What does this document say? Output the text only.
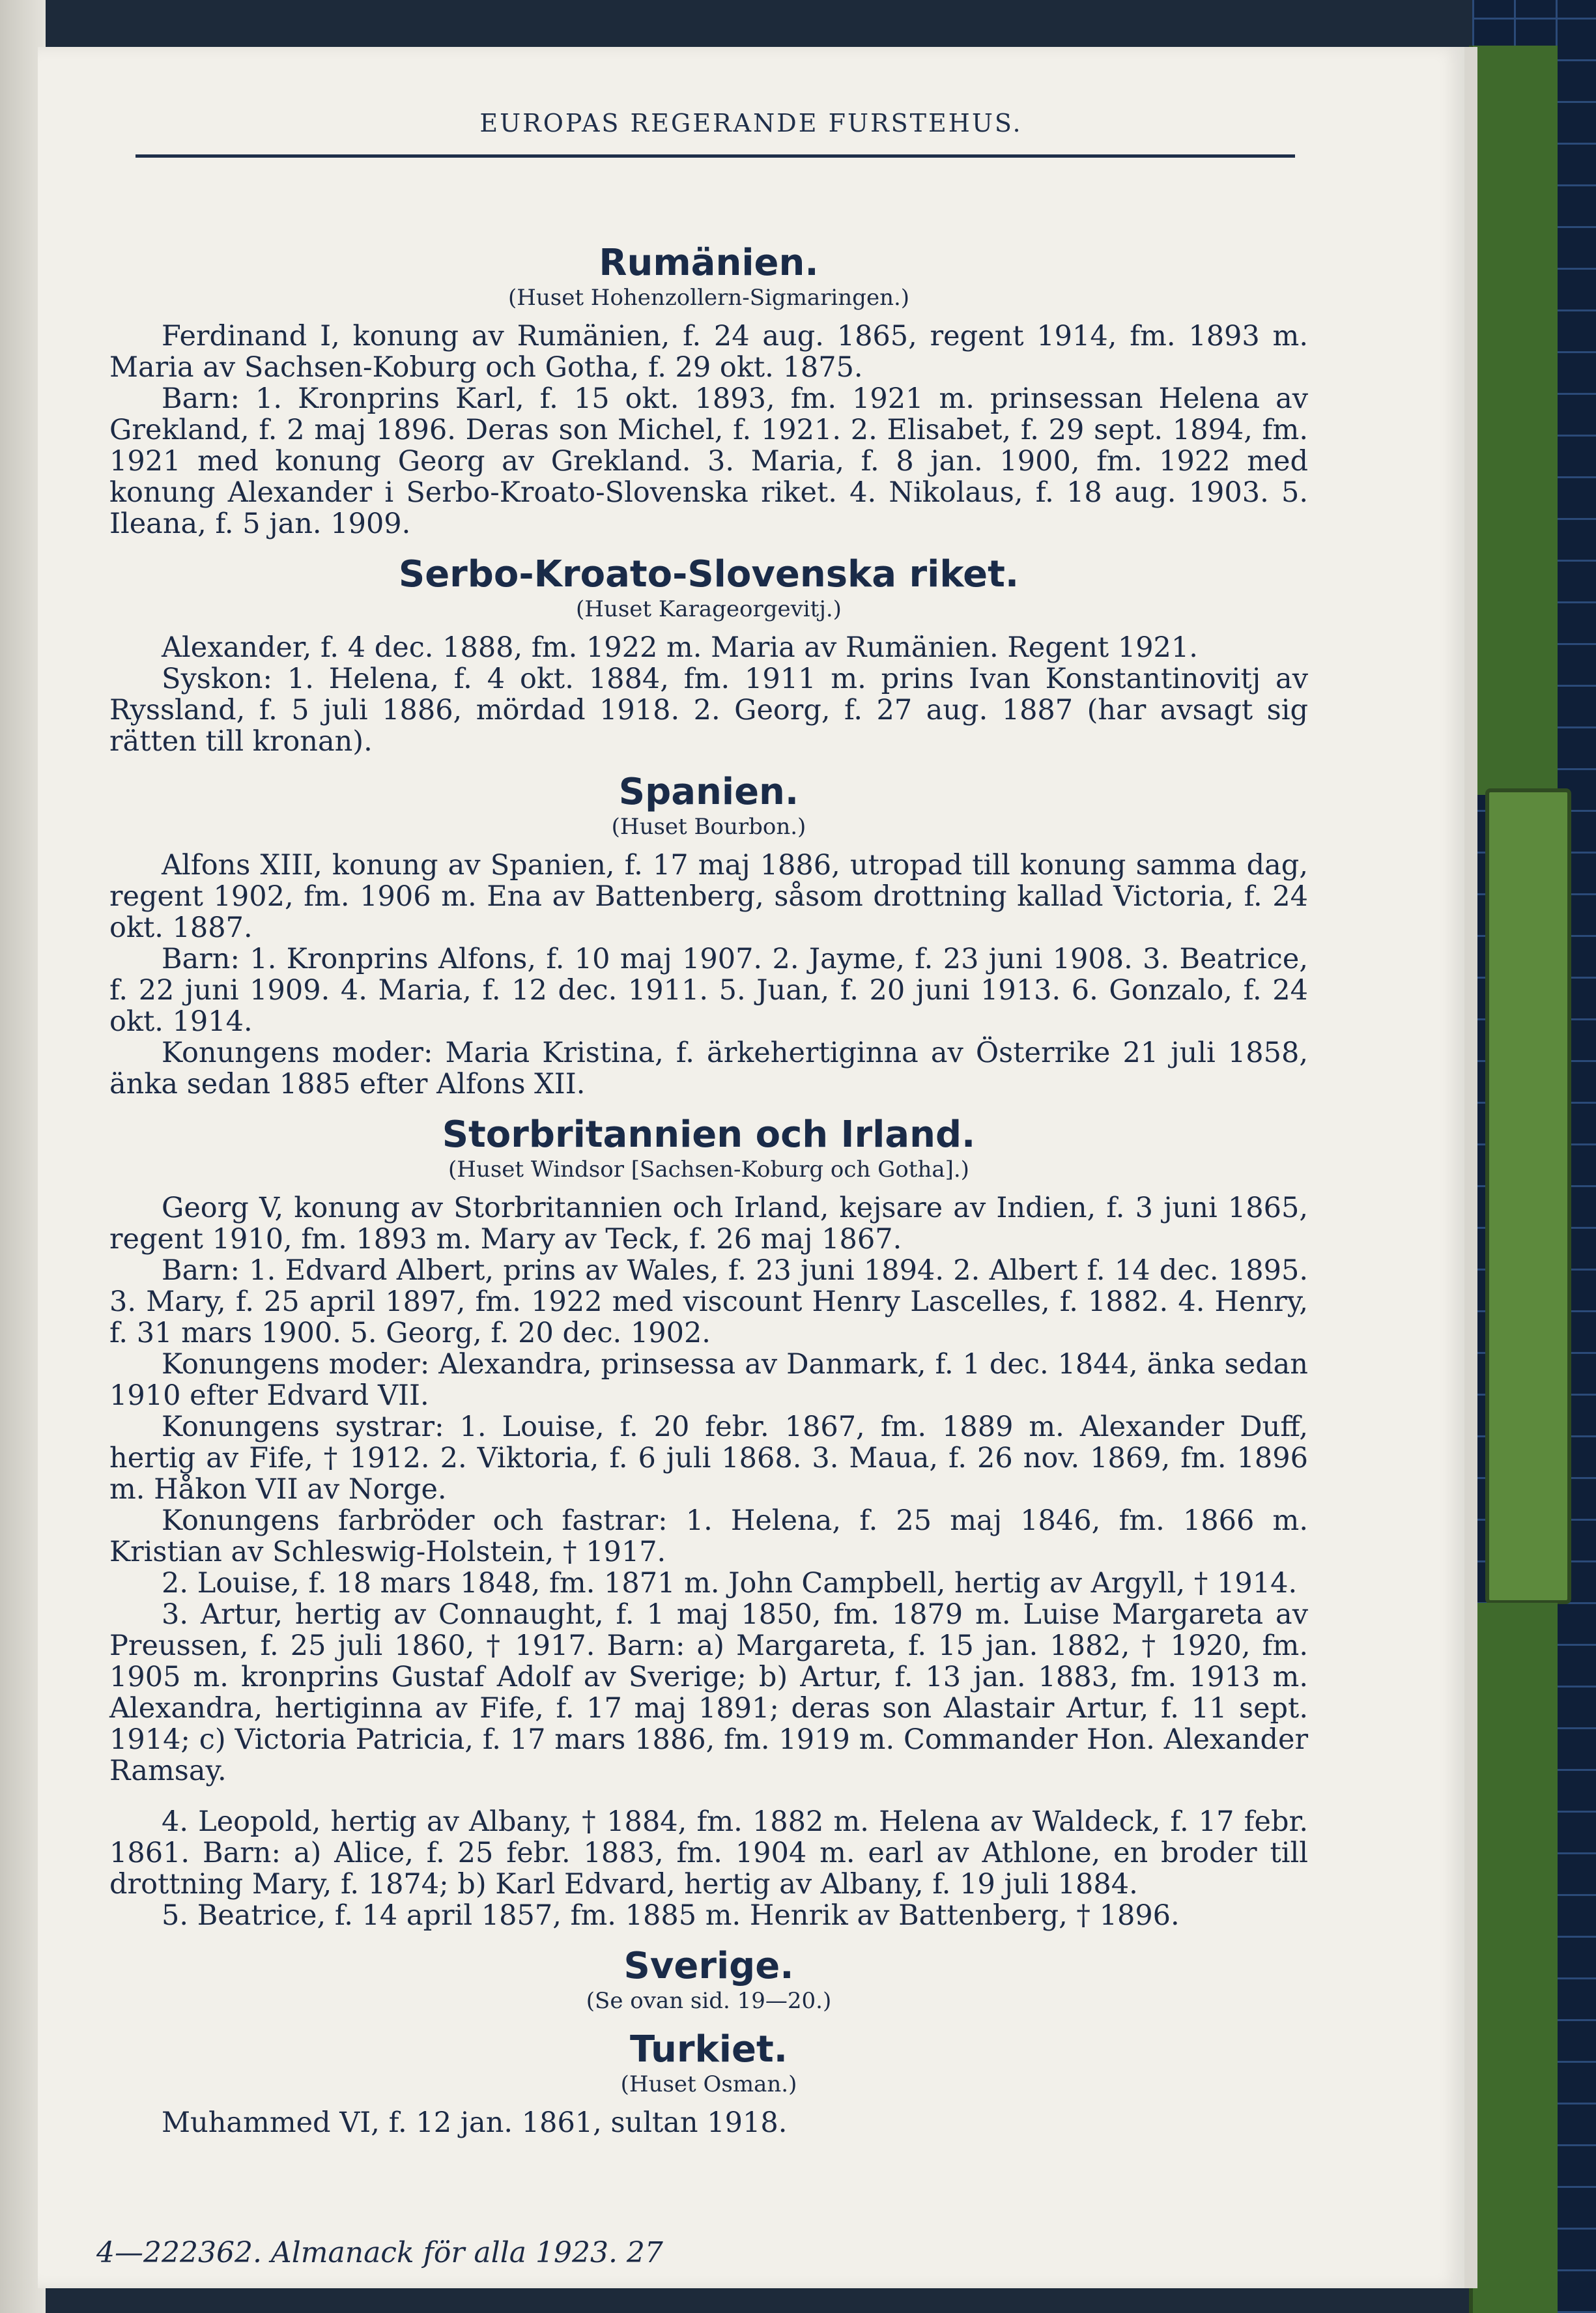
EUROPAS REGERANDE FURSTEHUS.
Rumänien.
(Huset Hohenzollern-Sigmaringen.)

Ferdinand I, konung av Rumänien, f. 24 aug. 1865, regent 1914, fm. 1893 m. Maria av Sachsen-Koburg och Gotha, f. 29 okt. 1875.

Barn: 1. Kronprins Karl, f. 15 okt. 1893, fm. 1921 m. prinsessan Helena av Grekland, f. 2 maj 1896. Deras son Michel, f. 1921. 2. Elisabet, f. 29 sept. 1894, fm. 1921 med konung Georg av Grekland. 3. Maria, f. 8 jan. 1900, fm. 1922 med konung Alexander i Serbo-Kroato-Slovenska riket. 4. Nikolaus, f. 18 aug. 1903. 5. Ileana, f. 5 jan. 1909.

Serbo-Kroato-Slovenska riket.
(Huset Karageorgevitj.)

Alexander, f. 4 dec. 1888, fm. 1922 m. Maria av Rumänien. Regent 1921.

Syskon: 1. Helena, f. 4 okt. 1884, fm. 1911 m. prins Ivan Konstantinovitj av Ryssland, f. 5 juli 1886, mördad 1918. 2. Georg, f. 27 aug. 1887 (har avsagt sig rätten till kronan).

Spanien.
(Huset Bourbon.)

Alfons XIII, konung av Spanien, f. 17 maj 1886, utropad till konung samma dag, regent 1902, fm. 1906 m. Ena av Battenberg, såsom drottning kallad Victoria, f. 24 okt. 1887.

Barn: 1. Kronprins Alfons, f. 10 maj 1907. 2. Jayme, f. 23 juni 1908. 3. Beatrice, f. 22 juni 1909. 4. Maria, f. 12 dec. 1911. 5. Juan, f. 20 juni 1913. 6. Gonzalo, f. 24 okt. 1914.

Konungens moder: Maria Kristina, f. ärkehertiginna av Österrike 21 juli 1858, änka sedan 1885 efter Alfons XII.

Storbritannien och Irland.
(Huset Windsor [Sachsen-Koburg och Gotha].)

Georg V, konung av Storbritannien och Irland, kejsare av Indien, f. 3 juni 1865, regent 1910, fm. 1893 m. Mary av Teck, f. 26 maj 1867.

Barn: 1. Edvard Albert, prins av Wales, f. 23 juni 1894. 2. Albert f. 14 dec. 1895. 3. Mary, f. 25 april 1897, fm. 1922 med viscount Henry Lascelles, f. 1882. 4. Henry, f. 31 mars 1900. 5. Georg, f. 20 dec. 1902.

Konungens moder: Alexandra, prinsessa av Danmark, f. 1 dec. 1844, änka sedan 1910 efter Edvard VII.

Konungens systrar: 1. Louise, f. 20 febr. 1867, fm. 1889 m. Alexander Duff, hertig av Fife, † 1912. 2. Viktoria, f. 6 juli 1868. 3. Maua, f. 26 nov. 1869, fm. 1896 m. Håkon VII av Norge.

Konungens farbröder och fastrar: 1. Helena, f. 25 maj 1846, fm. 1866 m. Kristian av Schleswig-Holstein, † 1917.

2. Louise, f. 18 mars 1848, fm. 1871 m. John Campbell, hertig av Argyll, † 1914.

3. Artur, hertig av Connaught, f. 1 maj 1850, fm. 1879 m. Luise Margareta av Preussen, f. 25 juli 1860, † 1917. Barn: a) Margareta, f. 15 jan. 1882, † 1920, fm. 1905 m. kronprins Gustaf Adolf av Sverige; b) Artur, f. 13 jan. 1883, fm. 1913 m. Alexandra, hertiginna av Fife, f. 17 maj 1891; deras son Alastair Artur, f. 11 sept. 1914; c) Victoria Patricia, f. 17 mars 1886, fm. 1919 m. Commander Hon. Alexander Ramsay.

4. Leopold, hertig av Albany, † 1884, fm. 1882 m. Helena av Waldeck, f. 17 febr. 1861. Barn: a) Alice, f. 25 febr. 1883, fm. 1904 m. earl av Athlone, en broder till drottning Mary, f. 1874; b) Karl Edvard, hertig av Albany, f. 19 juli 1884.

5. Beatrice, f. 14 april 1857, fm. 1885 m. Henrik av Battenberg, † 1896.

Sverige.
(Se ovan sid. 19—20.)
Turkiet.
(Huset Osman.)

Muhammed VI, f. 12 jan. 1861, sultan 1918.

4—222362. Almanack för alla 1923. 27
